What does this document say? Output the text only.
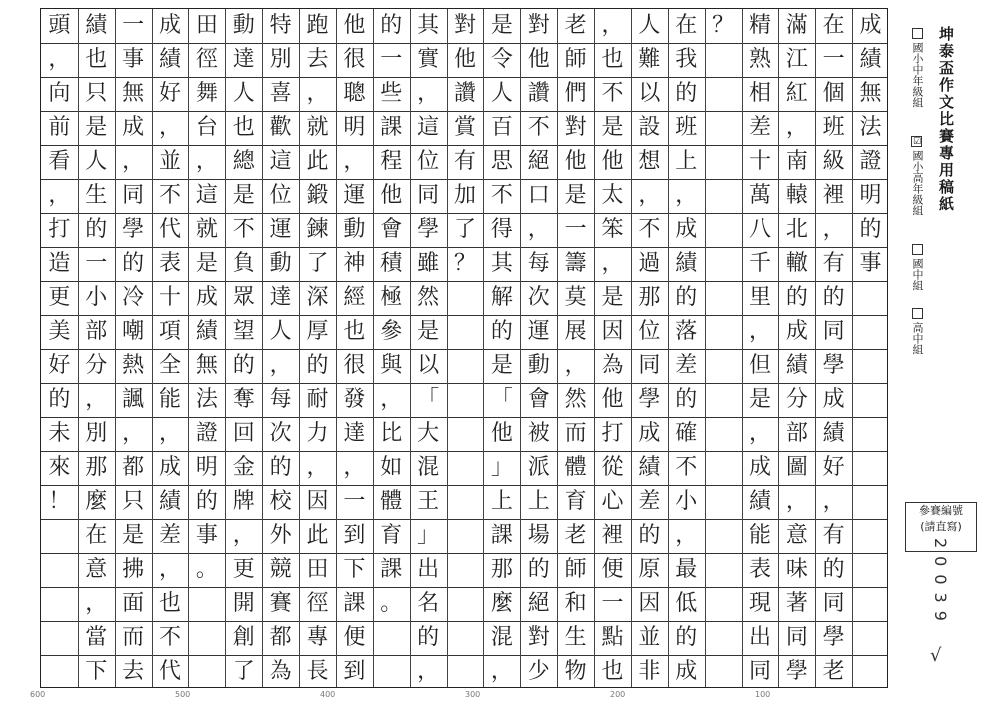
成
績
無
法
證
明
的
事
在
一
個
班
級
裡
，
有
的
同
學
成
績
好
，
有
的
同
學
老
滿
江
紅
，
南
轅
北
轍
的
成
績
分
部
圖
，
意
味
著
同
學
精
熟
相
差
十
萬
八
千
里
，
但
是
，
成
績
能
表
現
出
同
？
在
我
的
班
上
，
成
績
的
落
差
的
確
不
小
，
最
低
的
成
人
難
以
設
想
，
不
過
那
位
同
學
成
績
差
的
原
因
並
非
，
也
不
是
他
太
笨
，
是
因
為
他
打
從
心
裡
便
一
點
也
老
師
們
對
他
是
一
籌
莫
展
，
然
而
體
育
老
師
和
生
物
對
他
讚
不
絕
口
，
每
次
運
動
會
被
派
上
場
的
絕
對
少
是
令
人
百
思
不
得
其
解
的
是
「
他
」
上
課
那
麼
混
，
對
他
讚
賞
有
加
了
？
其
實
，
這
位
同
學
雖
然
是
以
「
大
混
王
」
出
名
的
，
的
一
些
課
程
他
會
積
極
參
與
，
比
如
體
育
課
。
他
很
聰
明
，
運
動
神
經
也
很
發
達
，
一
到
下
課
便
到
跑
去
，
就
此
鍛
鍊
了
深
厚
的
耐
力
，
因
此
田
徑
專
長
特
別
喜
歡
這
位
運
動
達
人
，
每
次
的
校
外
競
賽
都
為
動
達
人
也
總
是
不
負
眾
望
的
奪
回
金
牌
，
更
開
創
了
田
徑
舞
台
，
這
就
是
成
績
無
法
證
明
的
事
。
成
績
好
，
並
不
代
表
十
項
全
能
，
成
績
差
，
也
不
代
一
事
無
成
，
同
學
的
冷
嘲
熱
諷
，
都
只
是
拂
面
而
去
績
也
只
是
人
生
的
一
小
部
分
，
別
那
麼
在
意
，
當
下
頭
，
向
前
看
，
打
造
更
美
好
的
未
來
！
600	500	400	300	200	100
坤泰盃作文比賽專用稿紙
國小中年級組
☑國小高年級組
國中組
高中組
參賽編號
(請直寫)
20039
√
